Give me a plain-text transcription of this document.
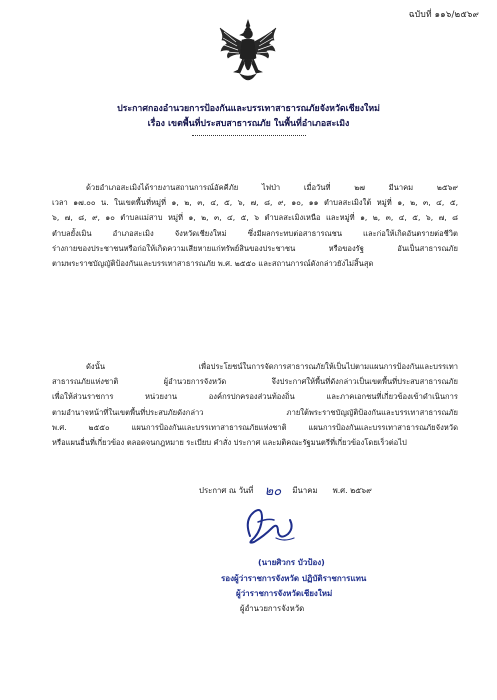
ฉบับที่ ๑๑๖/๒๕๖๙
ประกาศกองอำนวยการป้องกันและบรรเทาสาธารณภัยจังหวัดเชียงใหม่
เรื่อง เขตพื้นที่ประสบสาธารณภัย ในพื้นที่อำเภอสะเมิง
ด้วยอำเภอสะเมิงได้รายงานสถานการณ์อัคคีภัย ไฟป่า เมื่อวันที่ ๒๗ มีนาคม ๒๕๖๙
เวลา ๑๗.๐๐ น. ในเขตพื้นที่หมู่ที่ ๑, ๒, ๓, ๔, ๕, ๖, ๗, ๘, ๙, ๑๐, ๑๑ ตำบลสะเมิงใต้ หมู่ที่ ๑, ๒, ๓, ๔, ๕,
๖, ๗, ๘, ๙, ๑๐ ตำบลแม่สาบ หมู่ที่ ๑, ๒, ๓, ๔, ๕, ๖ ตำบลสะเมิงเหนือ และหมู่ที่ ๑, ๒, ๓, ๔, ๕, ๖, ๗, ๘
ตำบลยั้งเมิน อำเภอสะเมิง จังหวัดเชียงใหม่ ซึ่งมีผลกระทบต่อสาธารณชน และก่อให้เกิดอันตรายต่อชีวิต
ร่างกายของประชาชนหรือก่อให้เกิดความเสียหายแก่ทรัพย์สินของประชาชน หรือของรัฐ อันเป็นสาธารณภัย
ตามพระราชบัญญัติป้องกันและบรรเทาสาธารณภัย พ.ศ. ๒๕๕๐ และสถานการณ์ดังกล่าวยังไม่สิ้นสุด
ดังนั้น เพื่อประโยชน์ในการจัดการสาธารณภัยให้เป็นไปตามแผนการป้องกันและบรรเทา
สาธารณภัยแห่งชาติ ผู้อำนวยการจังหวัด จึงประกาศให้พื้นที่ดังกล่าวเป็นเขตพื้นที่ประสบสาธารณภัย
เพื่อให้ส่วนราชการ หน่วยงาน องค์กรปกครองส่วนท้องถิ่น และภาคเอกชนที่เกี่ยวข้องเข้าดำเนินการ
ตามอำนาจหน้าที่ในเขตพื้นที่ประสบภัยดังกล่าว ภายใต้พระราชบัญญัติป้องกันและบรรเทาสาธารณภัย
พ.ศ. ๒๕๕๐ แผนการป้องกันและบรรเทาสาธารณภัยแห่งชาติ แผนการป้องกันและบรรเทาสาธารณภัยจังหวัด
หรือแผนอื่นที่เกี่ยวข้อง ตลอดจนกฎหมาย ระเบียบ คำสั่ง ประกาศ และมติคณะรัฐมนตรีที่เกี่ยวข้องโดยเร็วต่อไป
ประกาศ ณ วันที่ ๒๐ มีนาคม พ.ศ. ๒๕๖๙
(นายศิวกร บัวป้อง)
รองผู้ว่าราชการจังหวัด ปฏิบัติราชการแทน
ผู้ว่าราชการจังหวัดเชียงใหม่
ผู้อำนวยการจังหวัด
